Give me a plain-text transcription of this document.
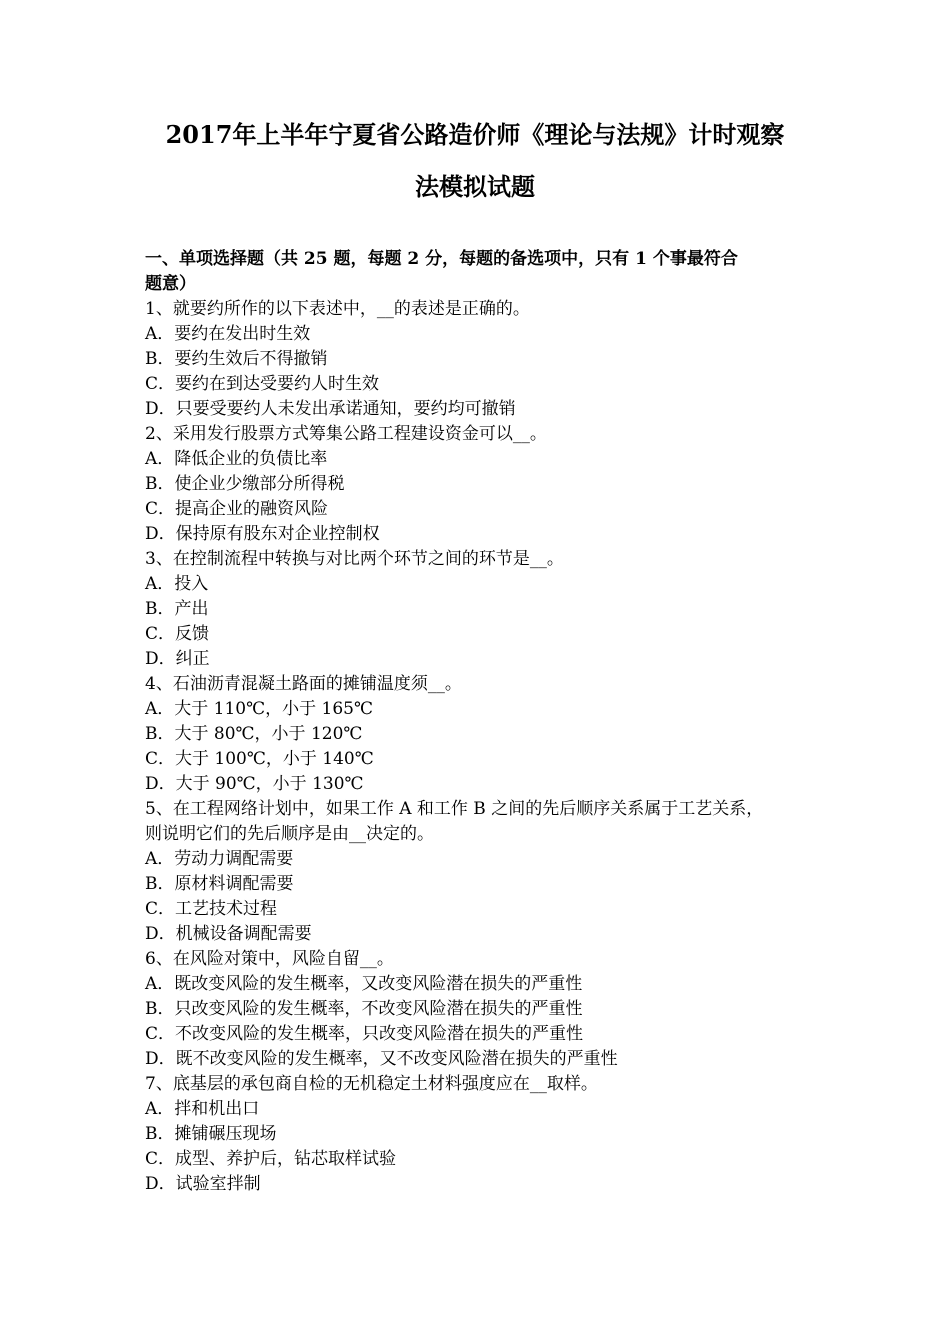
2017年上半年宁夏省公路造价师《理论与法规》计时观察
法模拟试题
一、单项选择题（共 25 题，每题 2 分，每题的备选项中，只有 1 个事最符合
题意）
1、就要约所作的以下表述中，__的表述是正确的。
A．要约在发出时生效
B．要约生效后不得撤销
C．要约在到达受要约人时生效
D．只要受要约人未发出承诺通知，要约均可撤销
2、采用发行股票方式筹集公路工程建设资金可以__。
A．降低企业的负债比率
B．使企业少缴部分所得税
C．提高企业的融资风险
D．保持原有股东对企业控制权
3、在控制流程中转换与对比两个环节之间的环节是__。
A．投入
B．产出
C．反馈
D．纠正
4、石油沥青混凝土路面的摊铺温度须__。
A．大于 110℃，小于 165℃
B．大于 80℃，小于 120℃
C．大于 100℃，小于 140℃
D．大于 90℃，小于 130℃
5、在工程网络计划中，如果工作 A 和工作 B 之间的先后顺序关系属于工艺关系，
则说明它们的先后顺序是由__决定的。
A．劳动力调配需要
B．原材料调配需要
C．工艺技术过程
D．机械设备调配需要
6、在风险对策中，风险自留__。
A．既改变风险的发生概率，又改变风险潜在损失的严重性
B．只改变风险的发生概率，不改变风险潜在损失的严重性
C．不改变风险的发生概率，只改变风险潜在损失的严重性
D．既不改变风险的发生概率，又不改变风险潜在损失的严重性
7、底基层的承包商自检的无机稳定土材料强度应在__取样。
A．拌和机出口
B．摊铺碾压现场
C．成型、养护后，钻芯取样试验
D．试验室拌制
